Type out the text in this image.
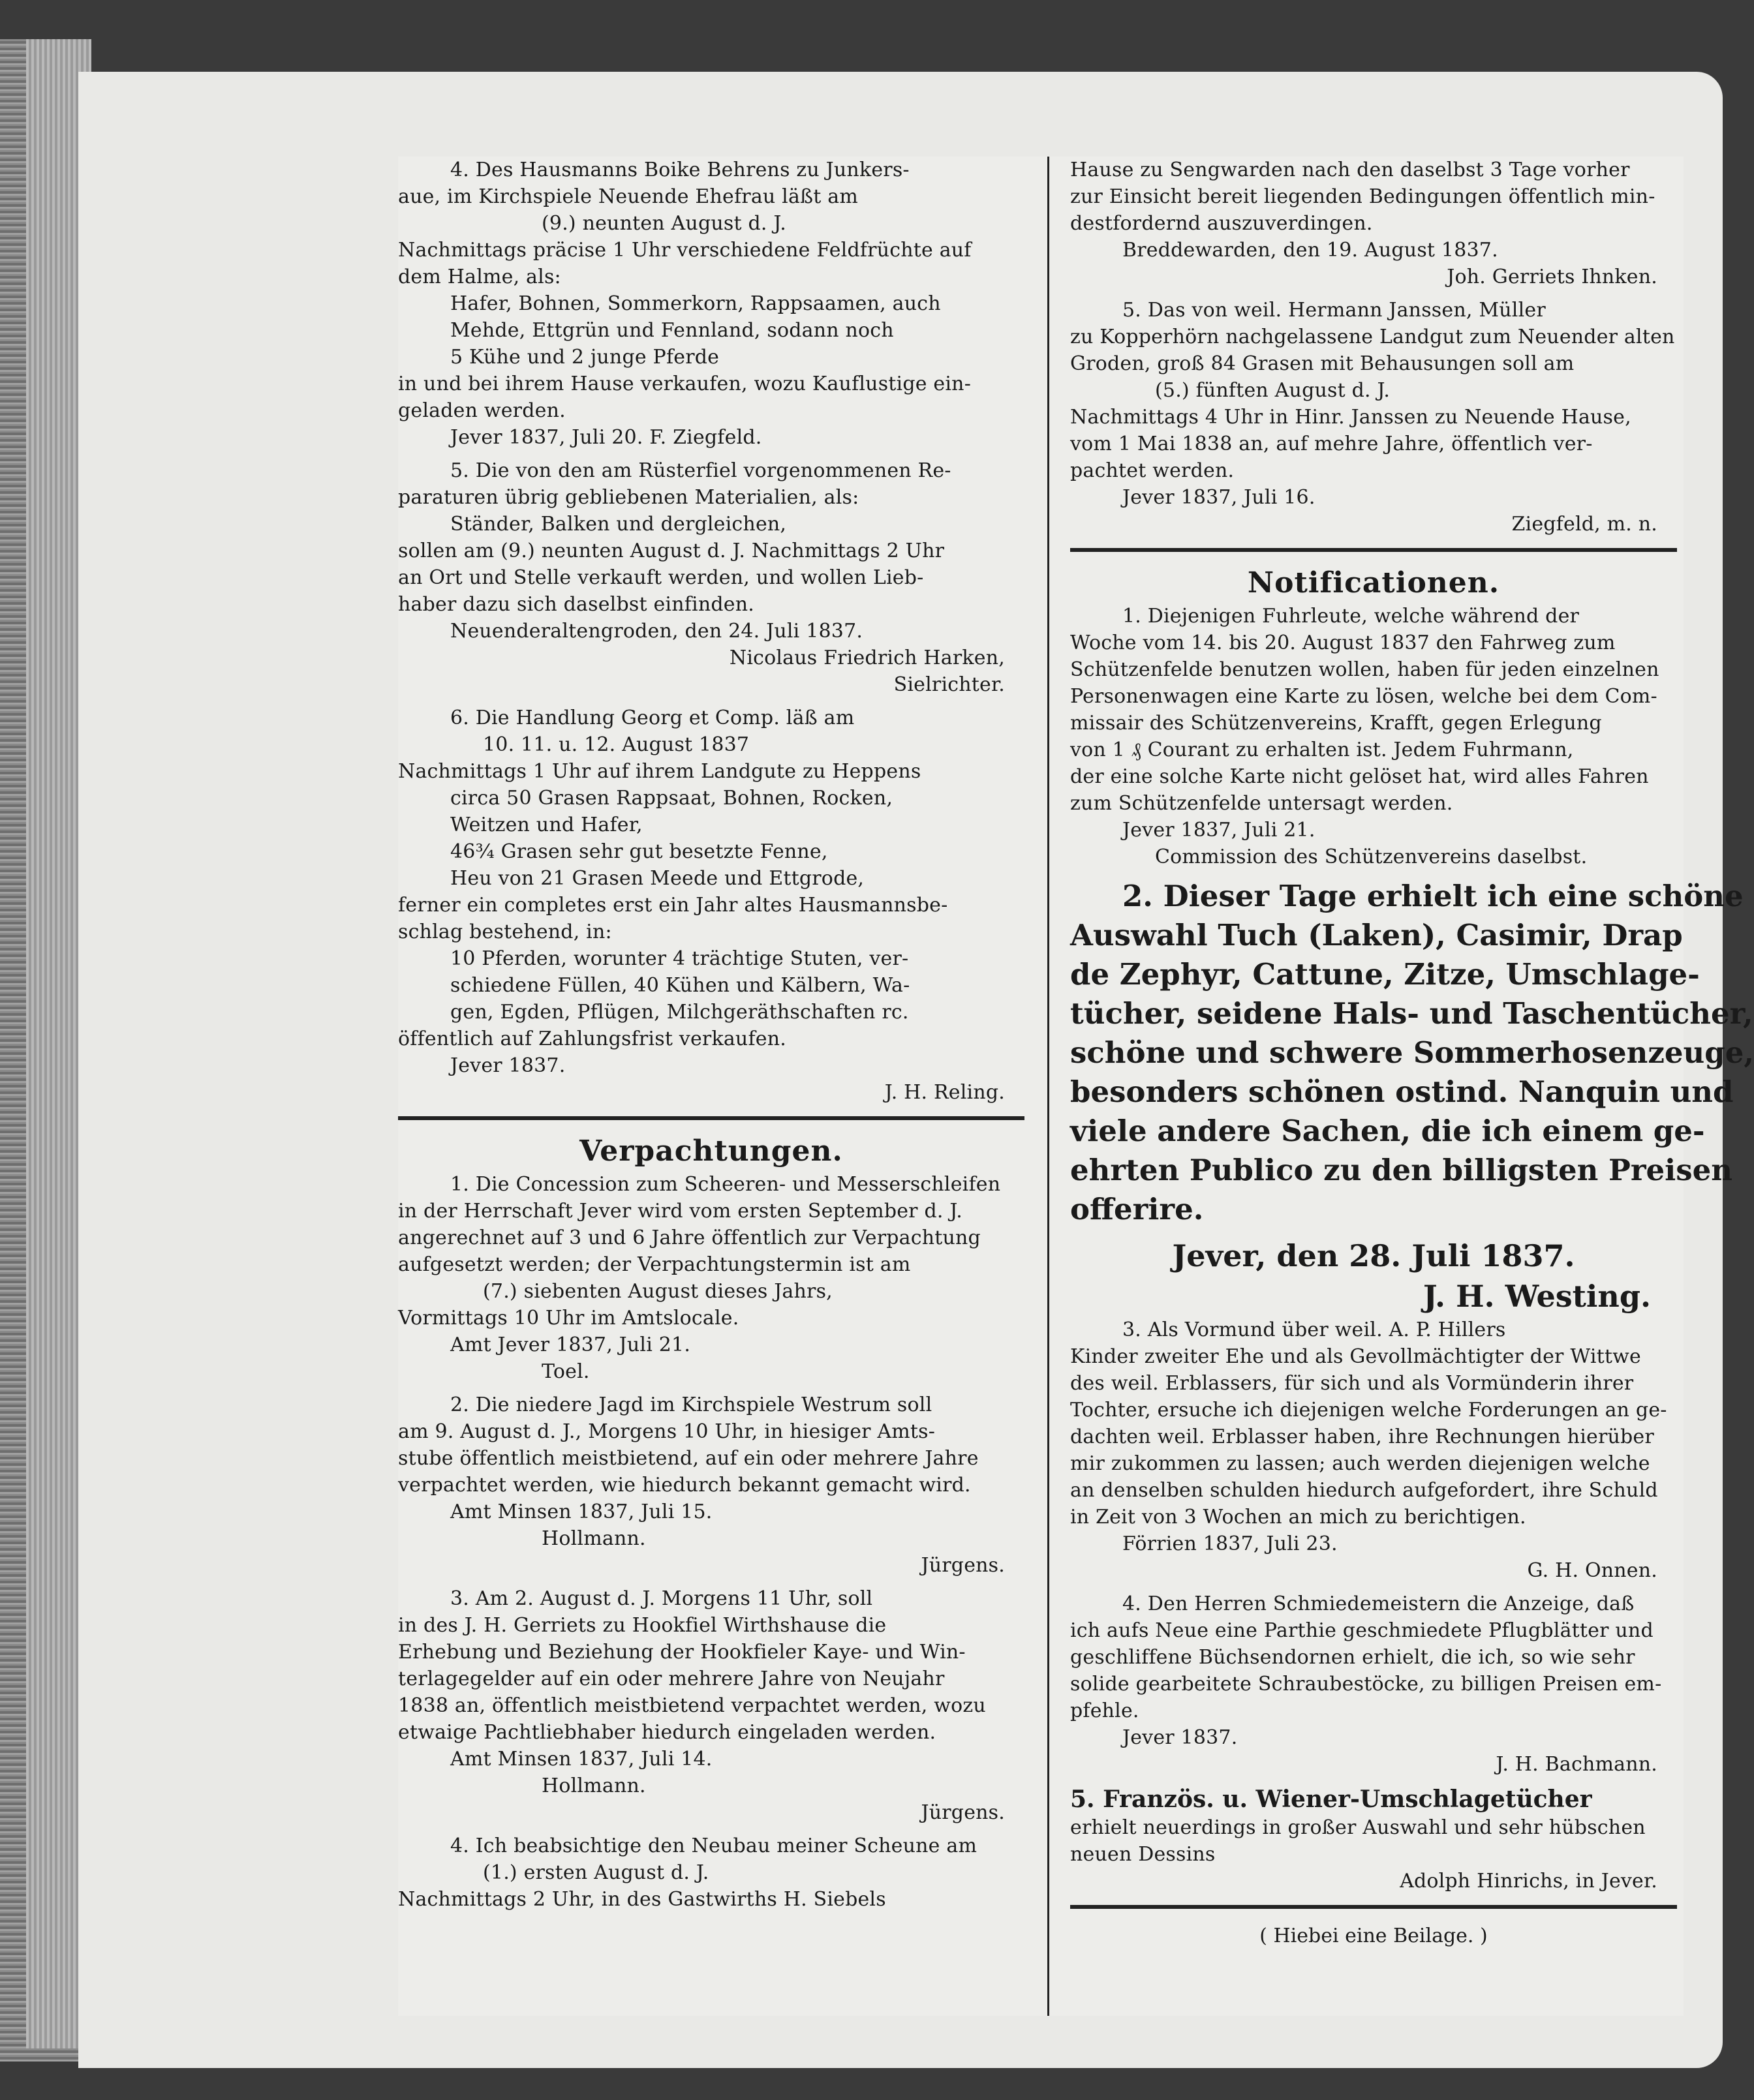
4. Des Hausmanns Boike Behrens zu Junkers-
aue, im Kirchspiele Neuende Ehefrau läßt am
(9.) neunten August d. J.
Nachmittags präcise 1 Uhr verschiedene Feldfrüchte auf
dem Halme, als:
Hafer, Bohnen, Sommerkorn, Rappsaamen, auch
Mehde, Ettgrün und Fennland, sodann noch
5 Kühe und 2 junge Pferde
in und bei ihrem Hause verkaufen, wozu Kauflustige ein-
geladen werden.
Jever 1837, Juli 20. F. Ziegfeld.
5. Die von den am Rüsterfiel vorgenommenen Re-
paraturen übrig gebliebenen Materialien, als:
Ständer, Balken und dergleichen,
sollen am (9.) neunten August d. J. Nachmittags 2 Uhr
an Ort und Stelle verkauft werden, und wollen Lieb-
haber dazu sich daselbst einfinden.
Neuenderaltengroden, den 24. Juli 1837.
Nicolaus Friedrich Harken,
Sielrichter.
6. Die Handlung Georg et Comp. läß am
10. 11. u. 12. August 1837
Nachmittags 1 Uhr auf ihrem Landgute zu Heppens
circa 50 Grasen Rappsaat, Bohnen, Rocken,
Weitzen und Hafer,
46¾ Grasen sehr gut besetzte Fenne,
Heu von 21 Grasen Meede und Ettgrode,
ferner ein completes erst ein Jahr altes Hausmannsbe-
schlag bestehend, in:
10 Pferden, worunter 4 trächtige Stuten, ver-
schiedene Füllen, 40 Kühen und Kälbern, Wa-
gen, Egden, Pflügen, Milchgeräthschaften rc.
öffentlich auf Zahlungsfrist verkaufen.
Jever 1837.
J. H. Reling.
Verpachtungen.
1. Die Concession zum Scheeren- und Messerschleifen
in der Herrschaft Jever wird vom ersten September d. J.
angerechnet auf 3 und 6 Jahre öffentlich zur Verpachtung
aufgesetzt werden; der Verpachtungstermin ist am
(7.) siebenten August dieses Jahrs,
Vormittags 10 Uhr im Amtslocale.
Amt Jever 1837, Juli 21.
Toel.
2. Die niedere Jagd im Kirchspiele Westrum soll
am 9. August d. J., Morgens 10 Uhr, in hiesiger Amts-
stube öffentlich meistbietend, auf ein oder mehrere Jahre
verpachtet werden, wie hiedurch bekannt gemacht wird.
Amt Minsen 1837, Juli 15.
Hollmann.
Jürgens.
3. Am 2. August d. J. Morgens 11 Uhr, soll
in des J. H. Gerriets zu Hookfiel Wirthshause die
Erhebung und Beziehung der Hookfieler Kaye- und Win-
terlagegelder auf ein oder mehrere Jahre von Neujahr
1838 an, öffentlich meistbietend verpachtet werden, wozu
etwaige Pachtliebhaber hiedurch eingeladen werden.
Amt Minsen 1837, Juli 14.
Hollmann.
Jürgens.
4. Ich beabsichtige den Neubau meiner Scheune am
(1.) ersten August d. J.
Nachmittags 2 Uhr, in des Gastwirths H. Siebels
Hause zu Sengwarden nach den daselbst 3 Tage vorher
zur Einsicht bereit liegenden Bedingungen öffentlich min-
destfordernd auszuverdingen.
Breddewarden, den 19. August 1837.
Joh. Gerriets Ihnken.
5. Das von weil. Hermann Janssen, Müller
zu Kopperhörn nachgelassene Landgut zum Neuender alten
Groden, groß 84 Grasen mit Behausungen soll am
(5.) fünften August d. J.
Nachmittags 4 Uhr in Hinr. Janssen zu Neuende Hause,
vom 1 Mai 1838 an, auf mehre Jahre, öffentlich ver-
pachtet werden.
Jever 1837, Juli 16.
Ziegfeld, m. n.
Notificationen.
1. Diejenigen Fuhrleute, welche während der
Woche vom 14. bis 20. August 1837 den Fahrweg zum
Schützenfelde benutzen wollen, haben für jeden einzelnen
Personenwagen eine Karte zu lösen, welche bei dem Com-
missair des Schützenvereins, Krafft, gegen Erlegung
von 1 ₰ Courant zu erhalten ist. Jedem Fuhrmann,
der eine solche Karte nicht gelöset hat, wird alles Fahren
zum Schützenfelde untersagt werden.
Jever 1837, Juli 21.
Commission des Schützenvereins daselbst.
2. Dieser Tage erhielt ich eine schöne
Auswahl Tuch (Laken), Casimir, Drap
de Zephyr, Cattune, Zitze, Umschlage-
tücher, seidene Hals- und Taschentücher,
schöne und schwere Sommerhosenzeuge,
besonders schönen ostind. Nanquin und
viele andere Sachen, die ich einem ge-
ehrten Publico zu den billigsten Preisen
offerire.
Jever, den 28. Juli 1837.
J. H. Westing.
3. Als Vormund über weil. A. P. Hillers
Kinder zweiter Ehe und als Gevollmächtigter der Wittwe
des weil. Erblassers, für sich und als Vormünderin ihrer
Tochter, ersuche ich diejenigen welche Forderungen an ge-
dachten weil. Erblasser haben, ihre Rechnungen hierüber
mir zukommen zu lassen; auch werden diejenigen welche
an denselben schulden hiedurch aufgefordert, ihre Schuld
in Zeit von 3 Wochen an mich zu berichtigen.
Förrien 1837, Juli 23.
G. H. Onnen.
4. Den Herren Schmiedemeistern die Anzeige, daß
ich aufs Neue eine Parthie geschmiedete Pflugblätter und
geschliffene Büchsendornen erhielt, die ich, so wie sehr
solide gearbeitete Schraubestöcke, zu billigen Preisen em-
pfehle.
Jever 1837.
J. H. Bachmann.
5. Französ. u. Wiener-Umschlagetücher
erhielt neuerdings in großer Auswahl und sehr hübschen
neuen Dessins
Adolph Hinrichs, in Jever.
( Hiebei eine Beilage. )
